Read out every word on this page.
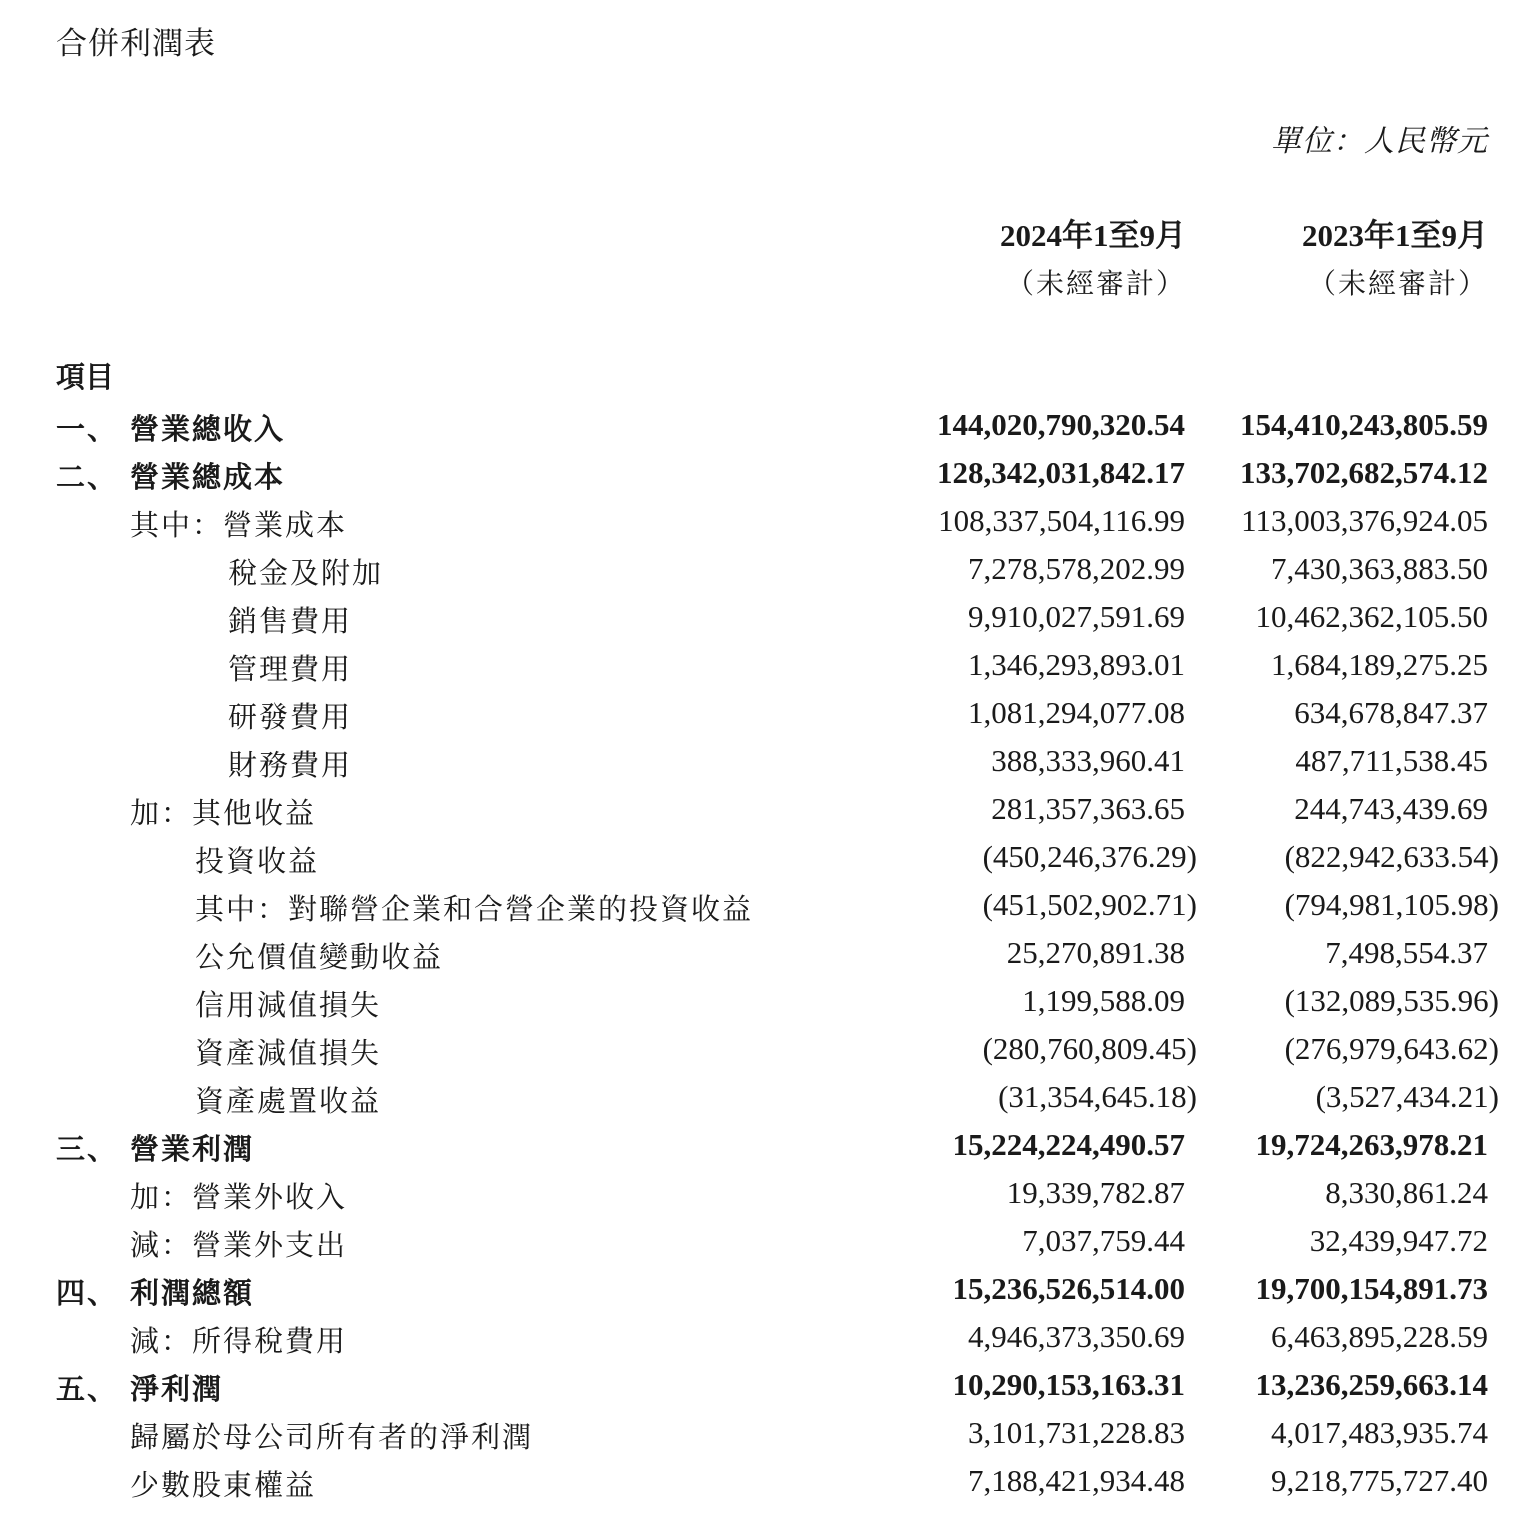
合併利潤表
單位：人民幣元
2024年1至9月
（未經審計）
2023年1至9月
（未經審計）
項目
一、 營業總收入	144,020,790,320.54 154,410,243,805.59
二、 營業總成本	128,342,031,842.17 133,702,682,574.12
其中：營業成本	108,337,504,116.99 113,003,376,924.05
稅金及附加	7,278,578,202.99	7,430,363,883.50
銷售費用	9,910,027,591.69 10,462,362,105.50
管理費用	1,346,293,893.01	1,684,189,275.25
研發費用	1,081,294,077.08	634,678,847.37
財務費用	388,333,960.41	487,711,538.45
加：其他收益	281,357,363.65	244,743,439.69
投資收益	(450,246,376.29)	(822,942,633.54)
其中：對聯營企業和合營企業的投資收益	(451,502,902.71)	(794,981,105.98)
公允價值變動收益	25,270,891.38	7,498,554.37
信用減值損失	1,199,588.09	(132,089,535.96)
資產減值損失	(280,760,809.45)	(276,979,643.62)
資產處置收益	(31,354,645.18)	(3,527,434.21)
三、 營業利潤	15,224,224,490.57 19,724,263,978.21
加：營業外收入	19,339,782.87	8,330,861.24
減：營業外支出	7,037,759.44	32,439,947.72
四、 利潤總額	15,236,526,514.00 19,700,154,891.73
減：所得稅費用	4,946,373,350.69	6,463,895,228.59
五、 淨利潤	10,290,153,163.31 13,236,259,663.14
歸屬於母公司所有者的淨利潤	3,101,731,228.83	4,017,483,935.74
少數股東權益	7,188,421,934.48	9,218,775,727.40
